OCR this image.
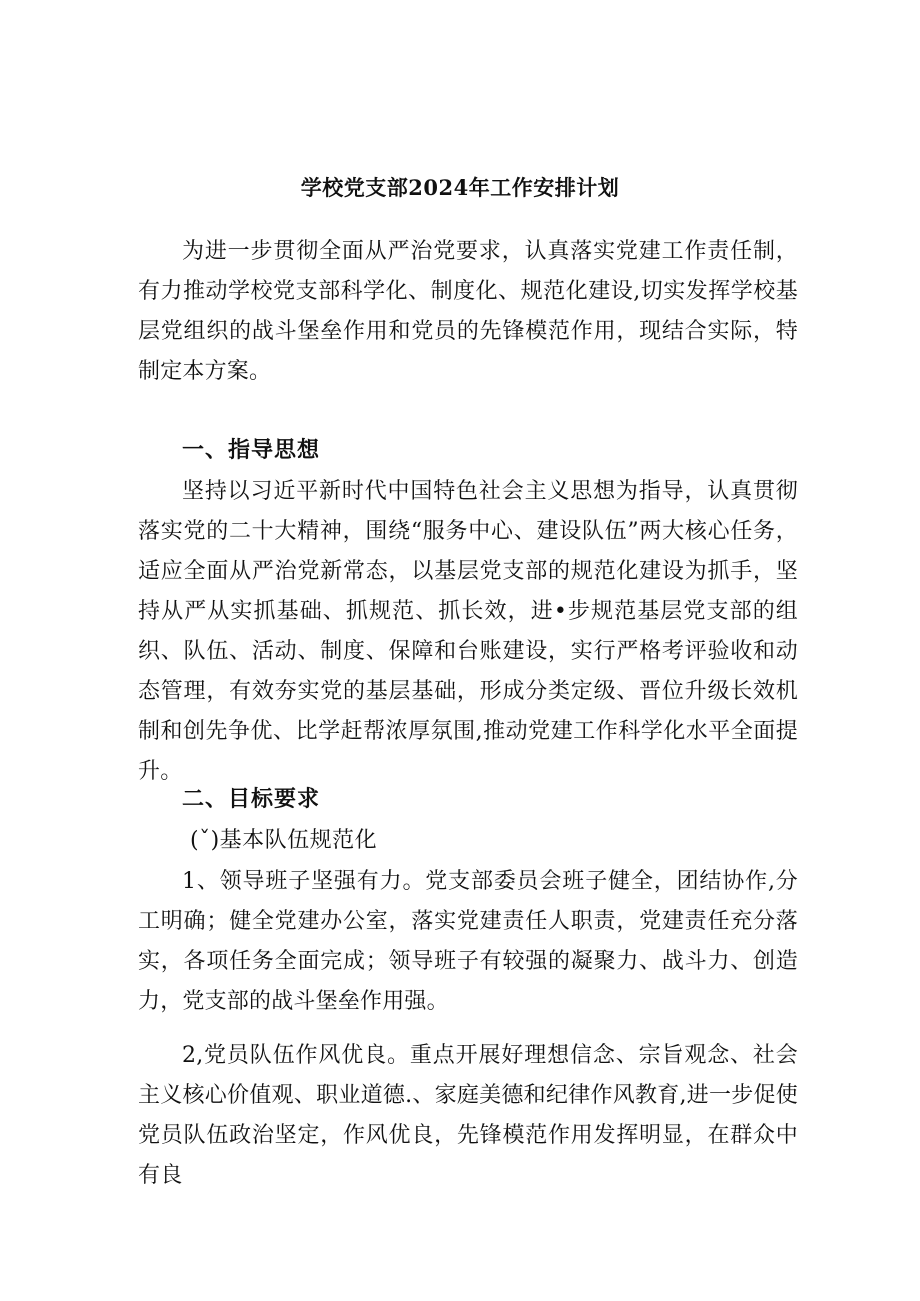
学校党支部2024年工作安排计划

为进一步贯彻全面从严治党要求，认真落实党建工作责任制，有力推动学校党支部科学化、制度化、规范化建设,切实发挥学校基层党组织的战斗堡垒作用和党员的先锋模范作用，现结合实际，特制定本方案。

一、指导思想

坚持以习近平新时代中国特色社会主义思想为指导，认真贯彻落实党的二十大精神，围绕“服务中心、建设队伍”两大核心任务，适应全面从严治党新常态，以基层党支部的规范化建设为抓手，坚持从严从实抓基础、抓规范、抓长效，进•步规范基层党支部的组织、队伍、活动、制度、保障和台账建设，实行严格考评验收和动态管理，有效夯实党的基层基础，形成分类定级、晋位升级长效机制和创先争优、比学赶帮浓厚氛围,推动党建工作科学化水平全面提升。

二、目标要求
(ˇ)基本队伍规范化

1、领导班子坚强有力。党支部委员会班子健全，团结协作,分工明确；健全党建办公室，落实党建责任人职责，党建责任充分落实，各项任务全面完成；领导班子有较强的凝聚力、战斗力、创造力，党支部的战斗堡垒作用强。

2,党员队伍作风优良。重点开展好理想信念、宗旨观念、社会主义核心价值观、职业道德.、家庭美德和纪律作风教育,进一步促使党员队伍政治坚定，作风优良，先锋模范作用发挥明显，在群众中有良
